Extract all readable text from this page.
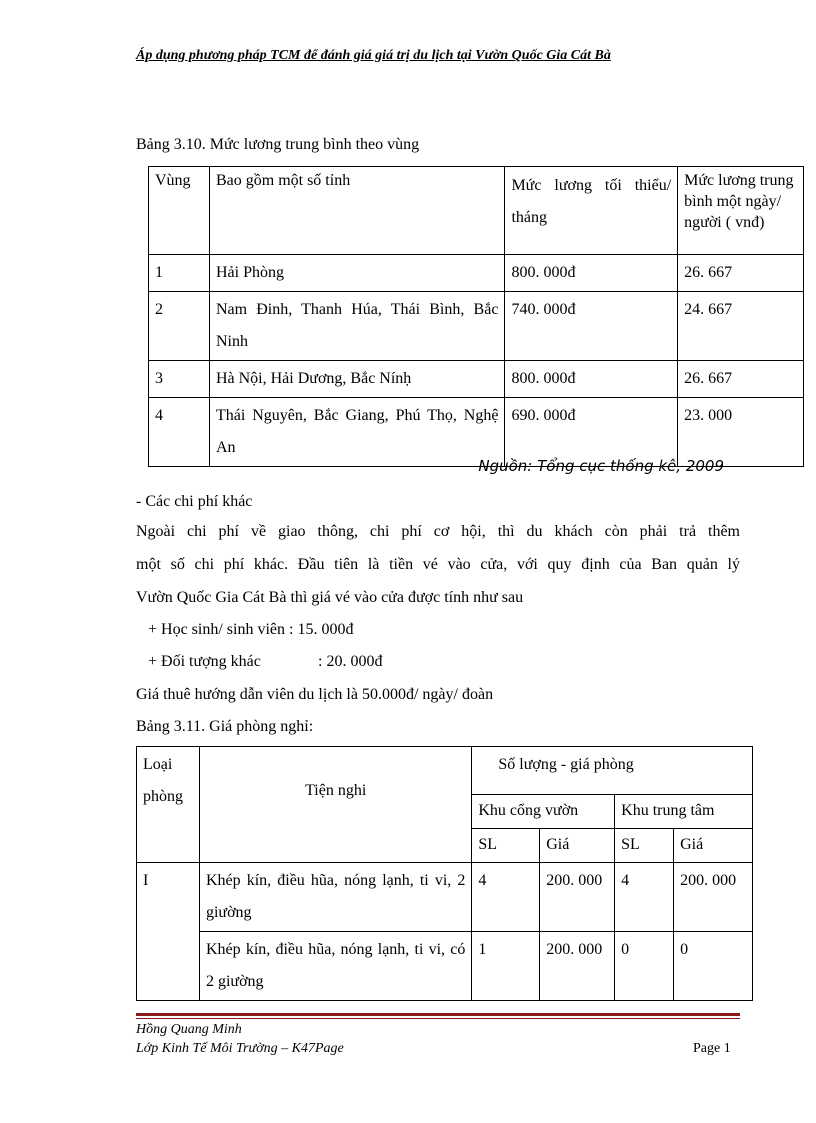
Áp dụng phương pháp TCM để đánh giá giá trị du lịch tại Vườn Quốc Gia Cát Bà
Bảng 3.10. Mức lương trung bình theo vùng
Vùng	Bao gồm một số tỉnh	Mức lương tối thiểu/ tháng	Mức lương trung bình một ngày/ người ( vnđ)
1	Hải Phòng	800. 000đ	26. 667
2	Nam Đinh, Thanh Húa, Thái Bình, Bắc Ninh	740. 000đ	24. 667
3	Hà Nội, Hải Dương, Bắc Nínḥ	800. 000đ	26. 667
4	Thái Nguyên, Bắc Giang, Phú Thọ, Nghệ An	690. 000đ	23. 000
Nguồn: Tổng cục thống kê, 2009
- Các chi phí khác
Ngoài chi phí về giao thông, chi phí cơ hội, thì du khách còn phải trả thêm
một số chi phí khác. Đầu tiên là tiền vé vào cửa, với quy định của Ban quản lý
Vườn Quốc Gia Cát Bà thì giá vé vào cửa được tính như sau
+ Học sinh/ sinh viên : 15. 000đ
+ Đối tượng khác	: 20. 000đ
Giá thuê hướng dẫn viên du lịch là 50.000đ/ ngày/ đoàn
Bảng 3.11. Giá phòng nghỉ:
Loại phòng	Tiện nghi	Số lượng - giá phòng			
		Khu cổng vườn		Khu trung tâm	
		SL	Giá	SL	Giá
I	Khép kín, điều hũa, nóng lạnh, ti vi, 2 giường	4	200. 000	4	200. 000
	Khép kín, điều hũa, nóng lạnh, ti vi, có 2 giường	1	200. 000	0	0
Hồng Quang Minh
Lớp Kinh Tế Môi Trường – K47Page	Page 1
